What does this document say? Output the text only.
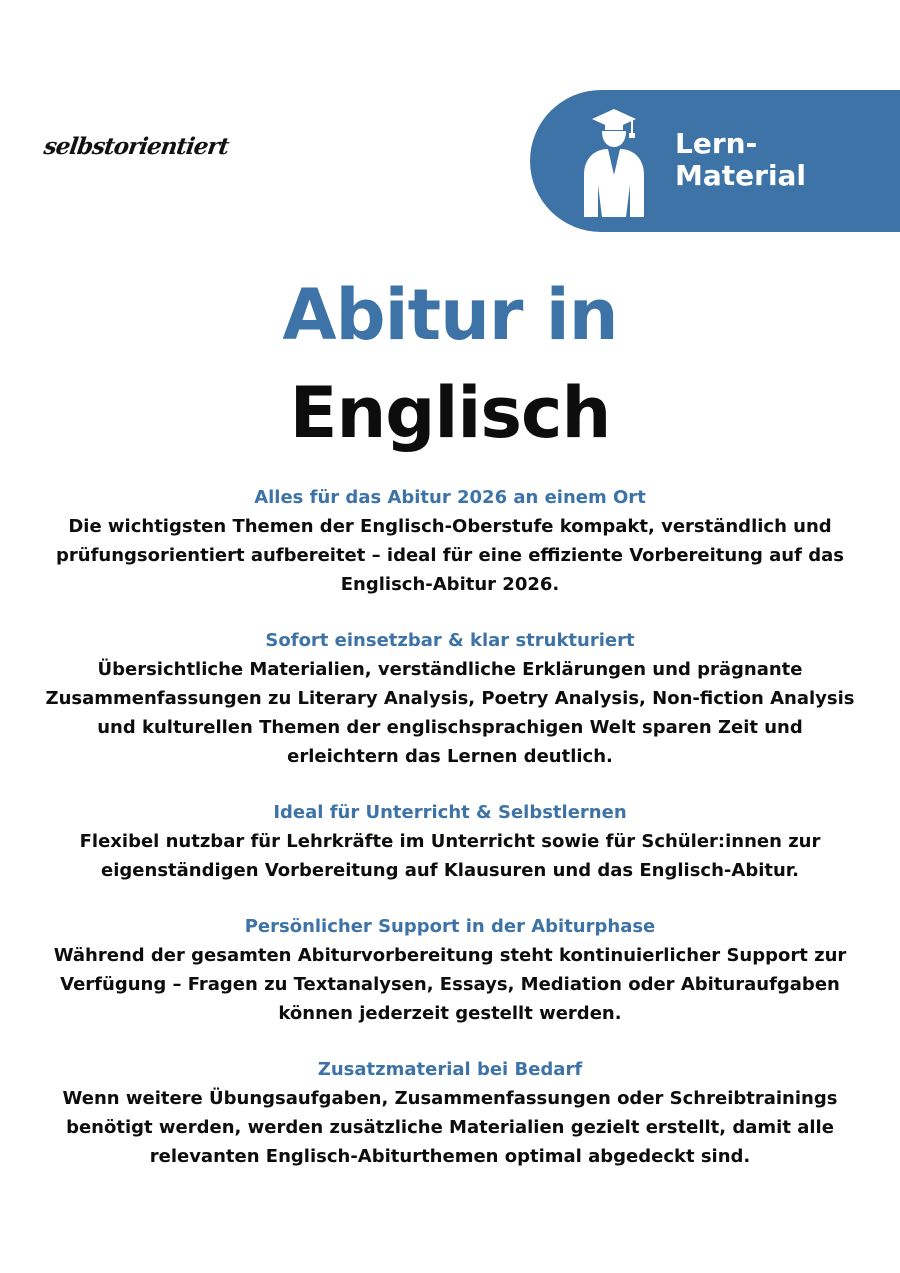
selbstorientiert	Lern-
Material
Abitur in
Englisch
Alles für das Abitur 2026 an einem Ort

Die wichtigsten Themen der Englisch-Oberstufe kompakt, verständlich und prüfungsorientiert aufbereitet – ideal für eine effiziente Vorbereitung auf das Englisch-Abitur 2026.

Sofort einsetzbar & klar strukturiert

Übersichtliche Materialien, verständliche Erklärungen und prägnante Zusammenfassungen zu Literary Analysis, Poetry Analysis, Non-fiction Analysis und kulturellen Themen der englischsprachigen Welt sparen Zeit und erleichtern das Lernen deutlich.

Ideal für Unterricht & Selbstlernen

Flexibel nutzbar für Lehrkräfte im Unterricht sowie für Schüler:innen zur eigenständigen Vorbereitung auf Klausuren und das Englisch-Abitur.

Persönlicher Support in der Abiturphase

Während der gesamten Abiturvorbereitung steht kontinuierlicher Support zur Verfügung – Fragen zu Textanalysen, Essays, Mediation oder Abituraufgaben können jederzeit gestellt werden.

Zusatzmaterial bei Bedarf

Wenn weitere Übungsaufgaben, Zusammenfassungen oder Schreibtrainings benötigt werden, werden zusätzliche Materialien gezielt erstellt, damit alle relevanten Englisch-Abiturthemen optimal abgedeckt sind.
